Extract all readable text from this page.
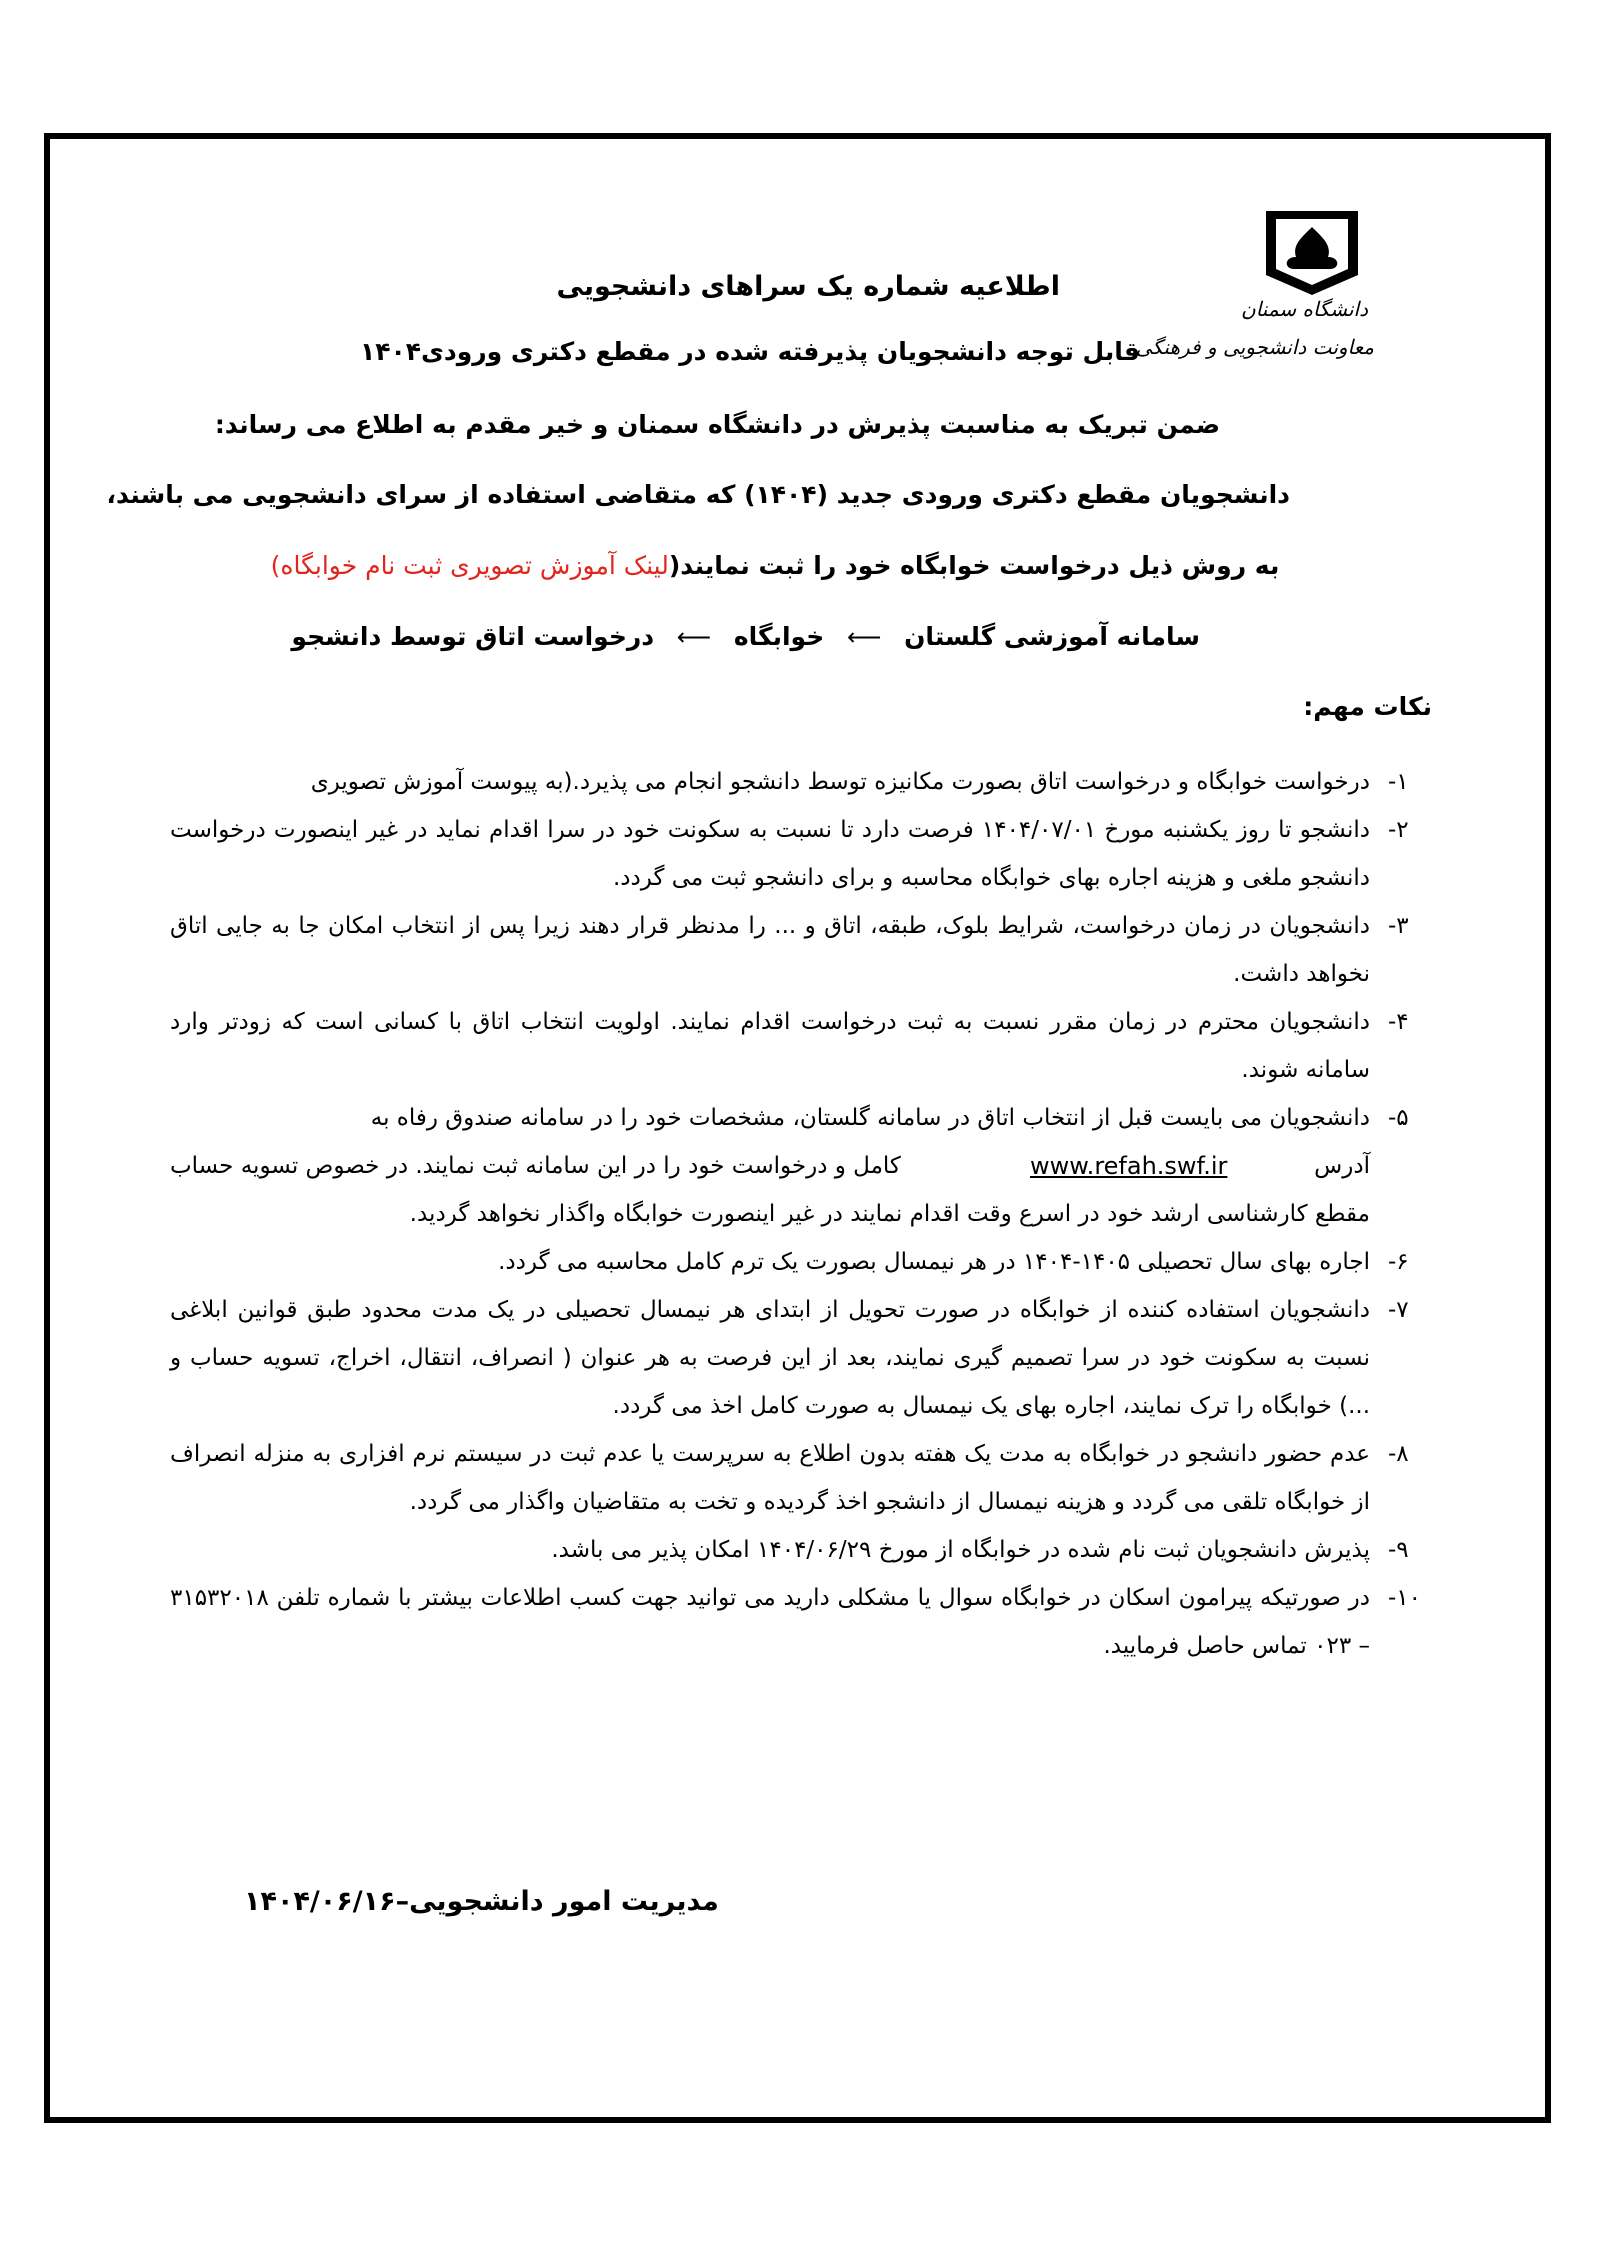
دانشگاه سمنان
معاونت دانشجویی و فرهنگی
اطلاعیه شماره یک سراهای دانشجویی
قابل توجه دانشجویان پذیرفته شده در مقطع دکتری ورودی۱۴۰۴
ضمن تبریک به مناسبت پذیرش در دانشگاه سمنان و خیر مقدم به اطلاع می رساند:
دانشجویان مقطع دکتری ورودی جدید (۱۴۰۴) که متقاضی استفاده از سرای دانشجویی می باشند،
به روش ذیل درخواست خوابگاه خود را ثبت نمایند(لینک آموزش تصویری ثبت نام خوابگاه)
سامانه آموزشی گلستان ⟵ خوابگاه ⟵ درخواست اتاق توسط دانشجو
نکات مهم:
-۱
درخواست خوابگاه و درخواست اتاق بصورت مکانیزه توسط دانشجو انجام می پذیرد.(به پیوست آموزش تصویری
-۲
دانشجو تا روز یکشنبه مورخ ۱۴۰۴/۰۷/۰۱ فرصت دارد تا نسبت به سکونت خود در سرا اقدام نماید در غیر اینصورت درخواست دانشجو ملغی و هزینه اجاره بهای خوابگاه محاسبه و برای دانشجو ثبت می گردد.
-۳
دانشجویان در زمان درخواست، شرایط بلوک، طبقه، اتاق و ... را مدنظر قرار دهند زیرا پس از انتخاب امکان جا به جایی اتاق نخواهد داشت.
-۴
دانشجویان محترم در زمان مقرر نسبت به ثبت درخواست اقدام نمایند. اولویت انتخاب اتاق با کسانی است که زودتر وارد سامانه شوند.
-۵
دانشجویان می بایست قبل از انتخاب اتاق در سامانه گلستان، مشخصات خود را در سامانه صندوق رفاه به
آدرس
www.refah.swf.ir
کامل و درخواست خود را در این سامانه ثبت نمایند. در خصوص تسویه حساب
مقطع کارشناسی ارشد خود در اسرع وقت اقدام نمایند در غیر اینصورت خوابگاه واگذار نخواهد گردید.
-۶
اجاره بهای سال تحصیلی ۱۴۰۵-۱۴۰۴ در هر نیمسال بصورت یک ترم کامل محاسبه می گردد.
-۷
دانشجویان استفاده کننده از خوابگاه در صورت تحویل از ابتدای هر نیمسال تحصیلی در یک مدت محدود طبق قوانین ابلاغی نسبت به سکونت خود در سرا تصمیم گیری نمایند، بعد از این فرصت به هر عنوان ( انصراف، انتقال، اخراج، تسویه حساب و ...) خوابگاه را ترک نمایند، اجاره بهای یک نیمسال به صورت کامل اخذ می گردد.
-۸
عدم حضور دانشجو در خوابگاه به مدت یک هفته بدون اطلاع به سرپرست یا عدم ثبت در سیستم نرم افزاری به منزله انصراف از خوابگاه تلقی می گردد و هزینه نیمسال از دانشجو اخذ گردیده و تخت به متقاضیان واگذار می گردد.
-۹
پذیرش دانشجویان ثبت نام شده در خوابگاه از مورخ ۱۴۰۴/۰۶/۲۹ امکان پذیر می باشد.
-۱۰
در صورتیکه پیرامون اسکان در خوابگاه سوال یا مشکلی دارید می توانید جهت کسب اطلاعات بیشتر با شماره تلفن ۳۱۵۳۲۰۱۸ – ۰۲۳ تماس حاصل فرمایید.
مدیریت امور دانشجویی–۱۴۰۴/۰۶/۱۶
